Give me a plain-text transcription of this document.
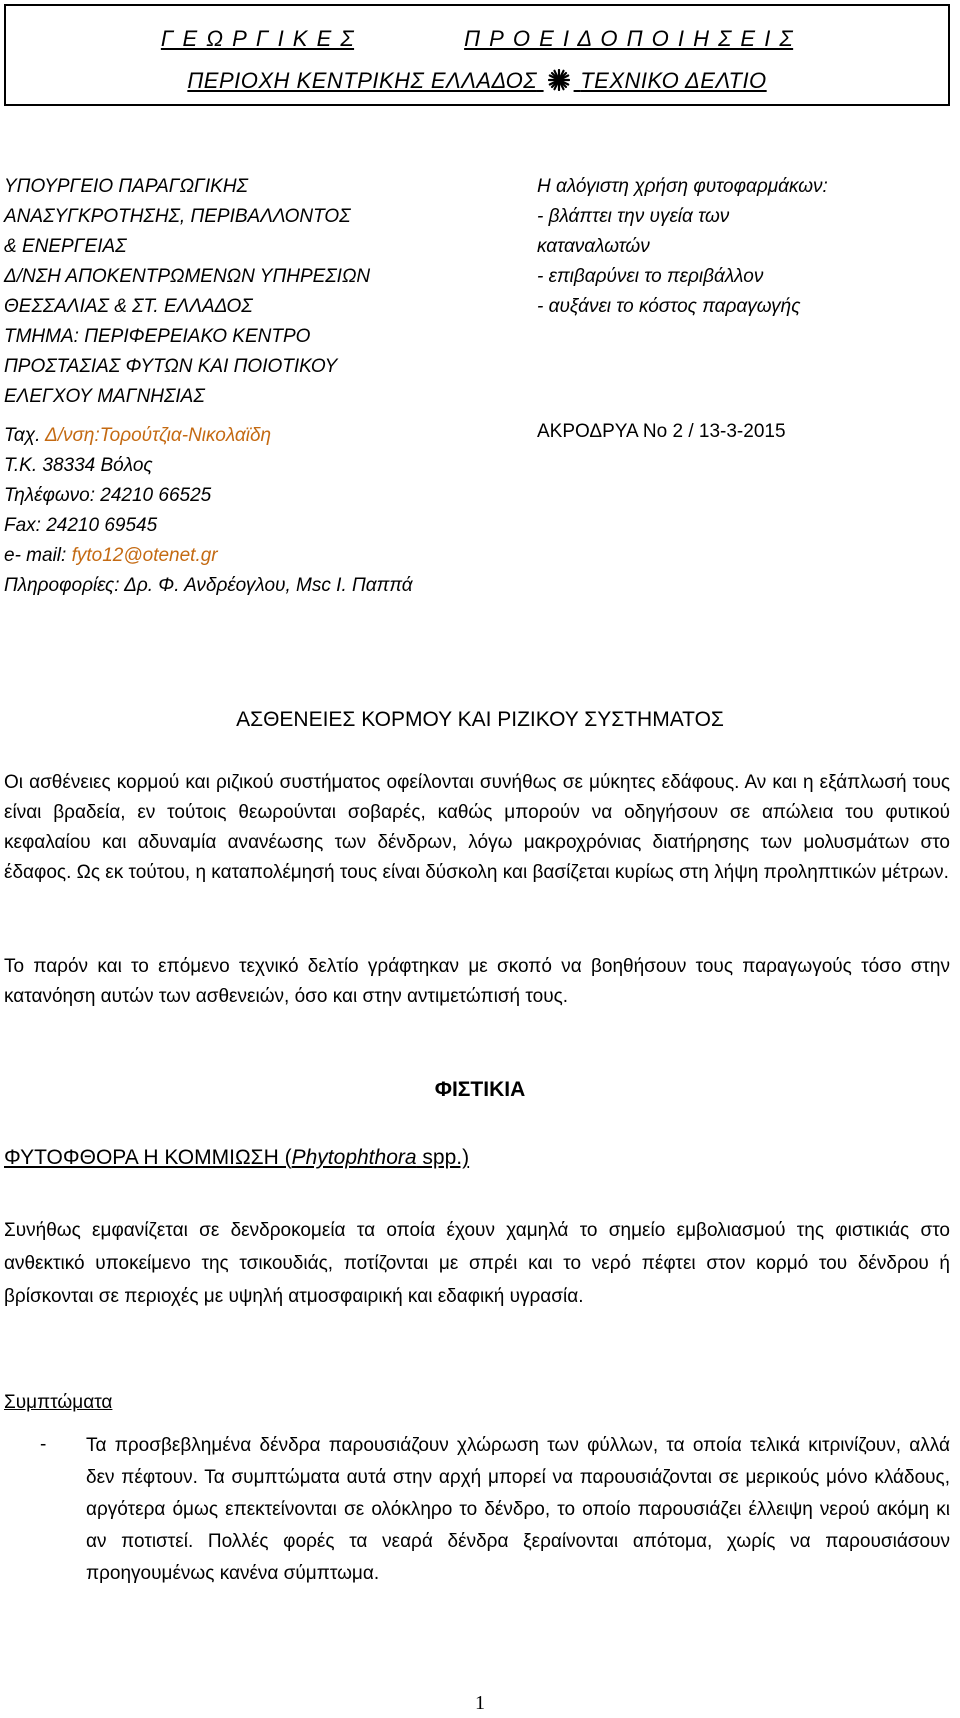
Γ Ε Ω Ρ Γ Ι Κ Ε Σ	Π Ρ Ο Ε Ι Δ Ο Π Ο Ι Η Σ Ε Ι Σ
ΠΕΡΙΟΧΗ ΚΕΝΤΡΙΚΗΣ ΕΛΛΑΔΟΣ ΤΕΧΝΙΚΟ ΔΕΛΤΙΟ
ΥΠΟΥΡΓΕΙΟ ΠΑΡΑΓΩΓΙΚΗΣ
ΑΝΑΣΥΓΚΡΟΤΗΣΗΣ, ΠΕΡΙΒΑΛΛΟΝΤΟΣ
& ΕΝΕΡΓΕΙΑΣ
Δ/ΝΣΗ ΑΠΟΚΕΝΤΡΩΜΕΝΩΝ ΥΠΗΡΕΣΙΩΝ
ΘΕΣΣΑΛΙΑΣ & ΣΤ. ΕΛΛΑΔΟΣ
ΤΜΗΜΑ: ΠΕΡΙΦΕΡΕΙΑΚΟ ΚΕΝΤΡΟ
ΠΡΟΣΤΑΣΙΑΣ ΦΥΤΩΝ ΚΑΙ ΠΟΙΟΤΙΚΟΥ
ΕΛΕΓΧΟΥ ΜΑΓΝΗΣΙΑΣ
Η αλόγιστη χρήση φυτοφαρμάκων:
- βλάπτει την υγεία των
καταναλωτών
- επιβαρύνει το περιβάλλον
- αυξάνει το κόστος παραγωγής
Ταχ. Δ/νση:Τορούτζια-Νικολαϊδη
Τ.Κ. 38334 Βόλος
Τηλέφωνο: 24210 66525
Fax: 24210 69545
e- mail: fyto12@otenet.gr
Πληροφορίες: Δρ. Φ. Ανδρέογλου, Msc Ι. Παππά
ΑΚΡΟΔΡΥΑ Νο 2 / 13-3-2015
ΑΣΘΕΝΕΙΕΣ ΚΟΡΜΟΥ ΚΑΙ ΡΙΖΙΚΟΥ ΣΥΣΤΗΜΑΤΟΣ
Οι ασθένειες κορμού και ριζικού συστήματος οφείλονται συνήθως σε μύκητες εδάφους. Αν και η εξάπλωσή τους είναι βραδεία, εν τούτοις θεωρούνται σοβαρές, καθώς μπορούν να οδηγήσουν σε απώλεια του φυτικού κεφαλαίου και αδυναμία ανανέωσης των δένδρων, λόγω μακροχρόνιας διατήρησης των μολυσμάτων στο έδαφος. Ως εκ τούτου, η καταπολέμησή τους είναι δύσκολη και βασίζεται κυρίως στη λήψη προληπτικών μέτρων.
Το παρόν και το επόμενο τεχνικό δελτίο γράφτηκαν με σκοπό να βοηθήσουν τους παραγωγούς τόσο στην κατανόηση αυτών των ασθενειών, όσο και στην αντιμετώπισή τους.
ΦΙΣΤΙΚΙΑ
ΦΥΤΟΦΘΟΡΑ Η ΚΟΜΜΙΩΣΗ (Phytophthora spp.)
Συνήθως εμφανίζεται σε δενδροκομεία τα οποία έχουν χαμηλά το σημείο εμβολιασμού της φιστικιάς στο ανθεκτικό υποκείμενο της τσικουδιάς, ποτίζονται με σπρέι και το νερό πέφτει στον κορμό του δένδρου ή βρίσκονται σε περιοχές με υψηλή ατμοσφαιρική και εδαφική υγρασία.
Συμπτώματα
- Τα προσβεβλημένα δένδρα παρουσιάζουν χλώρωση των φύλλων, τα οποία τελικά κιτρινίζουν, αλλά δεν πέφτουν. Τα συμπτώματα αυτά στην αρχή μπορεί να παρουσιάζονται σε μερικούς μόνο κλάδους, αργότερα όμως επεκτείνονται σε ολόκληρο το δένδρο, το οποίο παρουσιάζει έλλειψη νερού ακόμη κι αν ποτιστεί. Πολλές φορές τα νεαρά δένδρα ξεραίνονται απότομα, χωρίς να παρουσιάσουν προηγουμένως κανένα σύμπτωμα.
1
